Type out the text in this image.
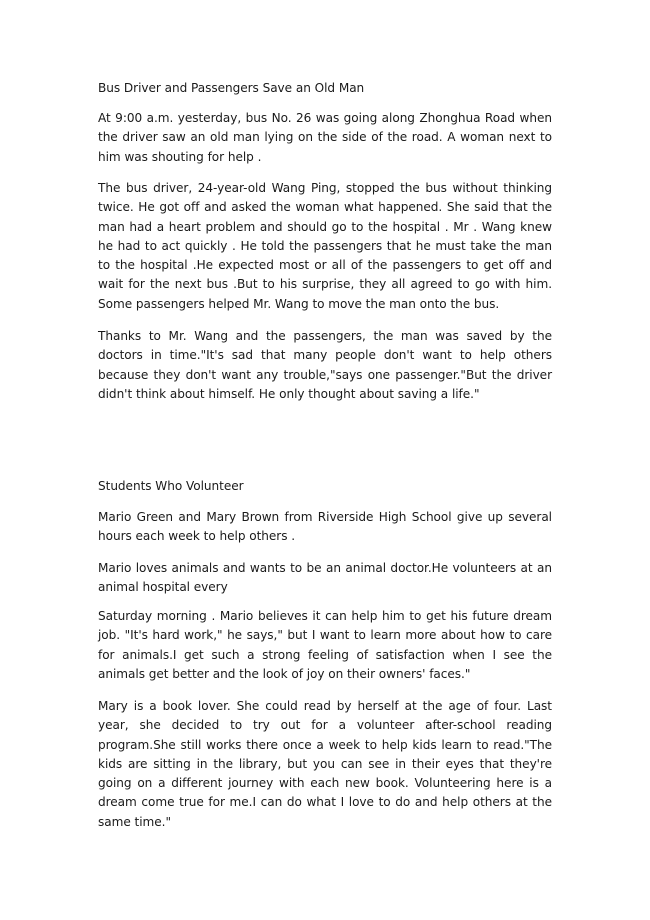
Bus Driver and Passengers Save an Old Man

At 9:00 a.m. yesterday, bus No. 26 was going along Zhonghua Road when the driver saw an old man lying on the side of the road. A woman next to him was shouting for help .

The bus driver, 24-year-old Wang Ping, stopped the bus without thinking twice. He got off and asked the woman what happened. She said that the man had a heart problem and should go to the hospital . Mr . Wang knew he had to act quickly . He told the passengers that he must take the man to the hospital .He expected most or all of the passengers to get off and wait for the next bus .But to his surprise, they all agreed to go with him. Some passengers helped Mr. Wang to move the man onto the bus.

Thanks to Mr. Wang and the passengers, the man was saved by the doctors in time."It's sad that many people don't want to help others because they don't want any trouble,"says one passenger."But the driver didn't think about himself. He only thought about saving a life."

Students Who Volunteer

Mario Green and Mary Brown from Riverside High School give up several hours each week to help others .

Mario loves animals and wants to be an animal doctor.He volunteers at an animal hospital every

Saturday morning . Mario believes it can help him to get his future dream job. "It's hard work," he says," but I want to learn more about how to care for animals.I get such a strong feeling of satisfaction when I see the animals get better and the look of joy on their owners' faces."

Mary is a book lover. She could read by herself at the age of four. Last year, she decided to try out for a volunteer after-school reading program.She still works there once a week to help kids learn to read."The kids are sitting in the library, but you can see in their eyes that they're going on a different journey with each new book. Volunteering here is a dream come true for me.I can do what I love to do and help others at the same time."
